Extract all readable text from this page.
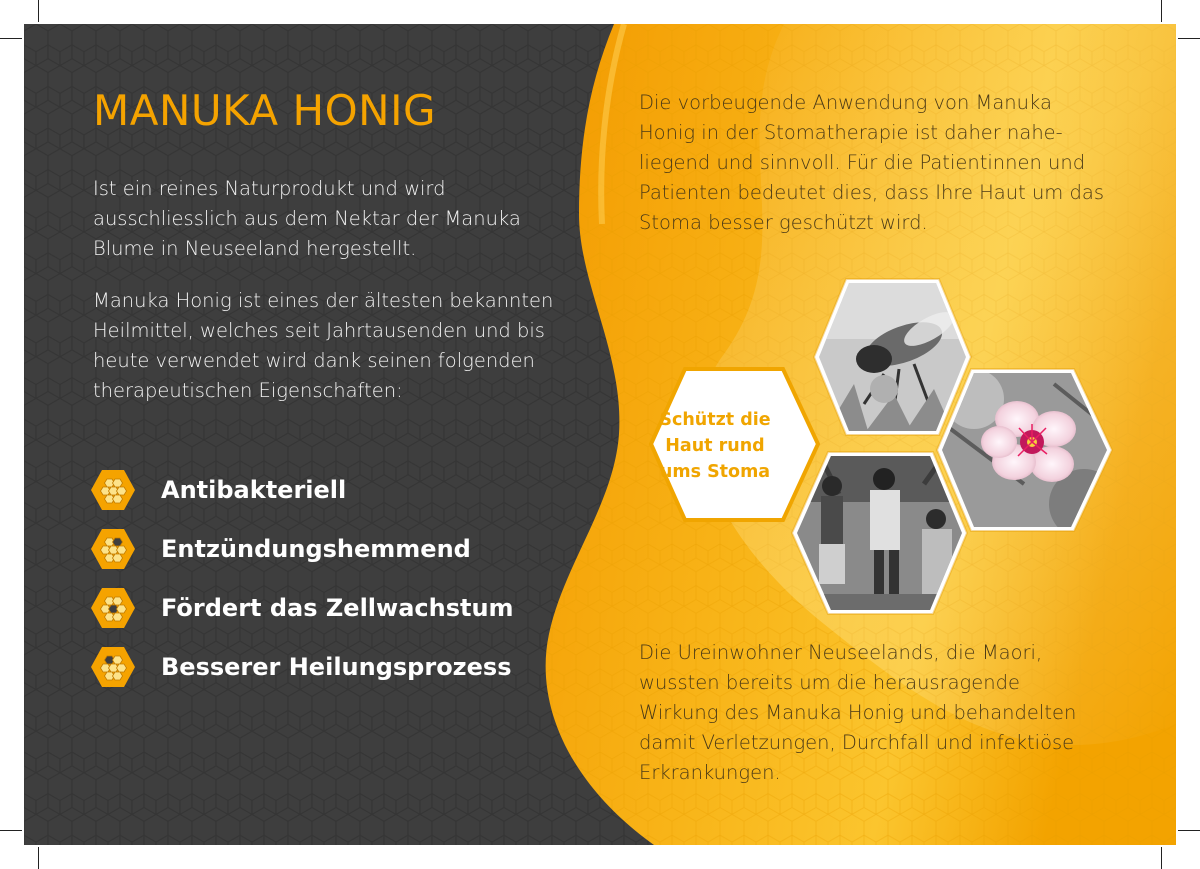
MANUKA HONIG

Ist ein reines Naturprodukt und wird ausschliesslich aus dem Nektar der Manuka Blume in Neuseeland hergestellt.

Manuka Honig ist eines der ältesten bekannten Heilmittel, welches seit Jahrtausenden und bis heute verwendet wird dank seinen folgenden therapeutischen Eigenschaften:

Antibakteriell
Entzündungshemmend
Fördert das Zellwachstum
Besserer Heilungsprozess

Die vorbeugende Anwendung von Manuka Honig in der Stomatherapie ist daher nahe-liegend und sinnvoll. Für die Patientinnen und Patienten bedeutet dies, dass Ihre Haut um das Stoma besser geschützt wird.

Schützt die Haut rund ums Stoma

Die Ureinwohner Neuseelands, die Maori, wussten bereits um die herausragende Wirkung des Manuka Honig und behandelten damit Verletzungen, Durchfall und infektiöse Erkrankungen.
